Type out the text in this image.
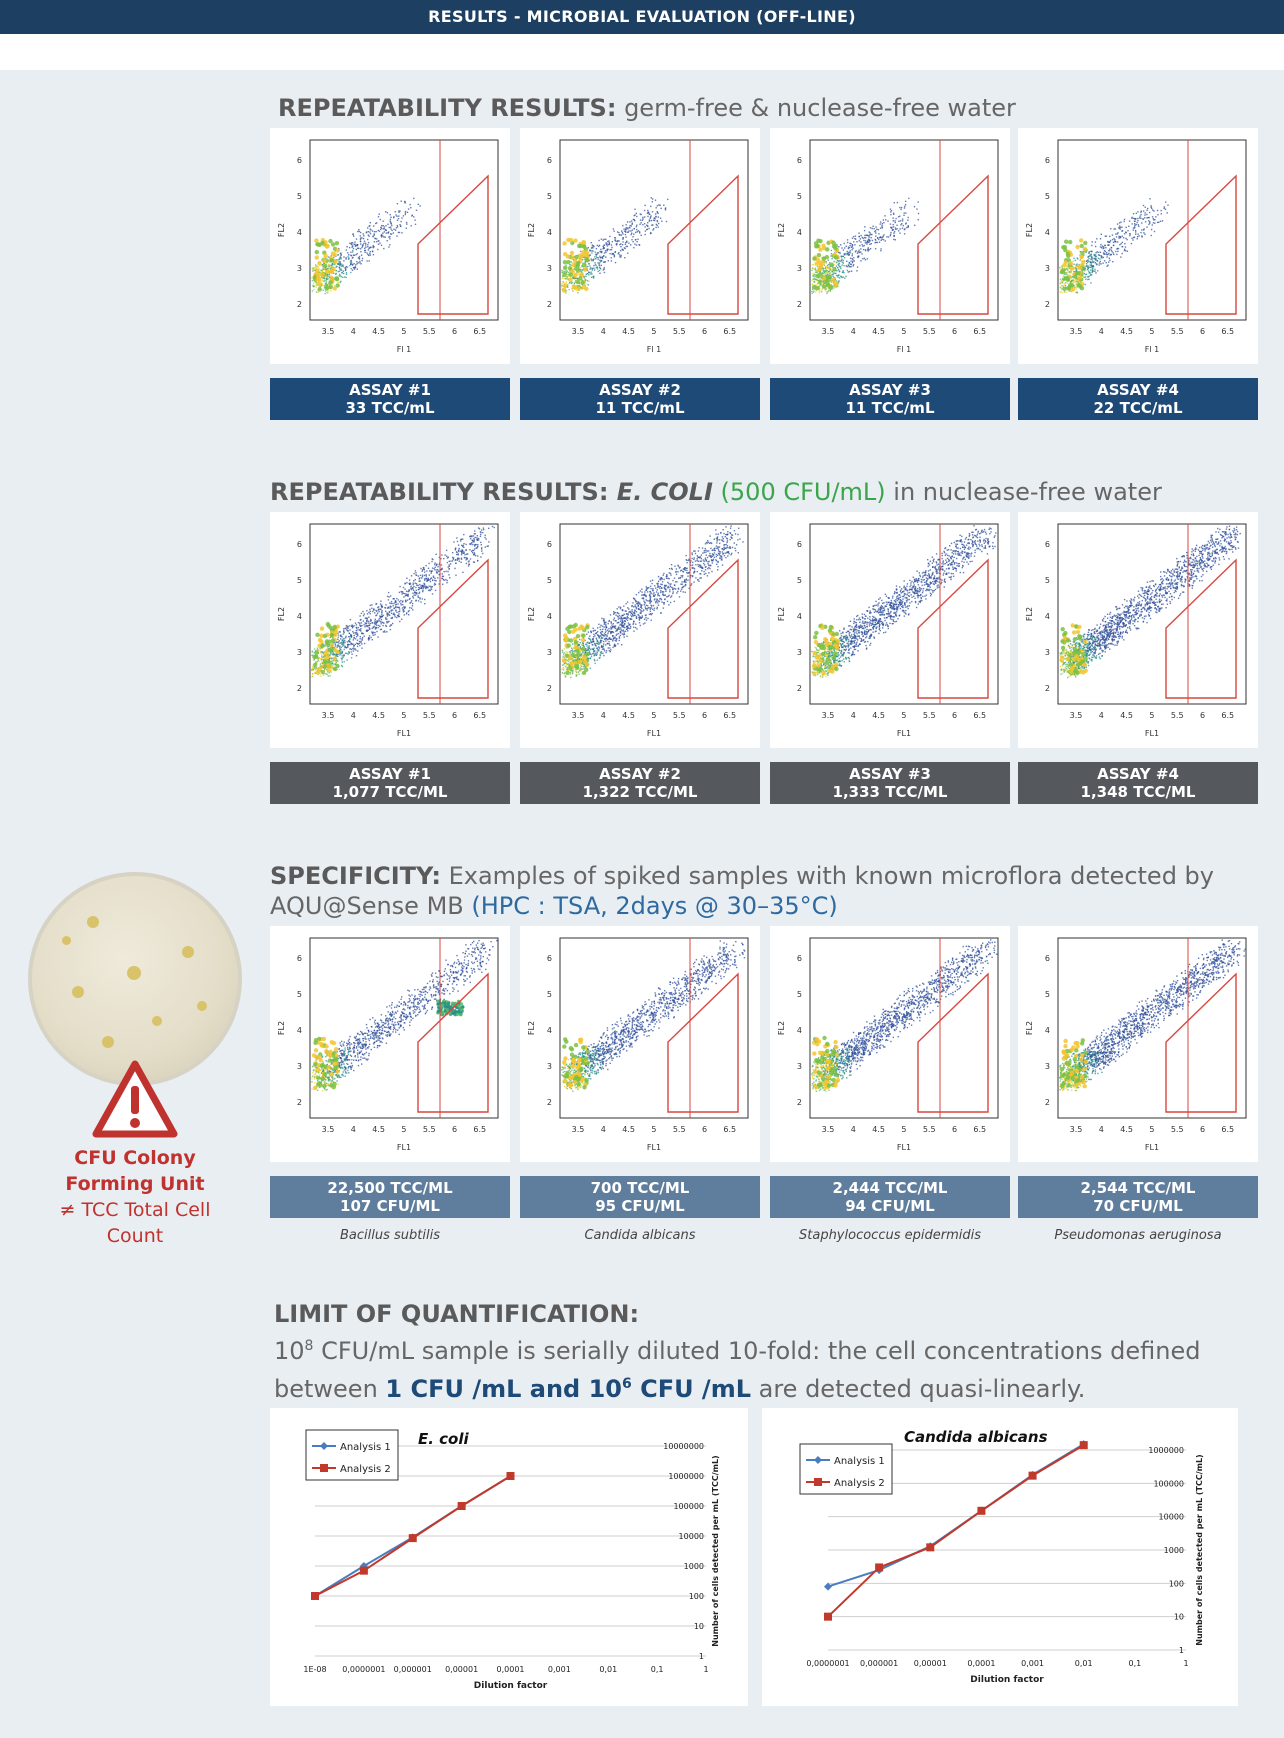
RESULTS - MICROBIAL EVALUATION (OFF-LINE)
REPEATABILITY RESULTS: germ-free & nuclease-free water
REPEATABILITY RESULTS: E. COLI (500 CFU/mL) in nuclease-free water
SPECIFICITY: Examples of spiked samples with known microflora detected by
AQU@Sense MB (HPC : TSA, 2days @ 30–35°C)
3.5 4 4.5 5 5.5 6 6.5
2
3
4
5
6
Fl 1
FL2
ASSAY #1
33 TCC/mL
3.5 4 4.5 5 5.5 6 6.5
2
3
4
5
6
Fl 1
FL2
ASSAY #2
11 TCC/mL
3.5 4 4.5 5 5.5 6 6.5
2
3
4
5
6
Fl 1
FL2
ASSAY #3
11 TCC/mL
3.5 4 4.5 5 5.5 6 6.5
2
3
4
5
6
Fl 1
FL2
ASSAY #4
22 TCC/mL
3.5 4 4.5 5 5.5 6 6.5
2
3
4
5
6
FL1
FL2
ASSAY #1
1,077 TCC/ML
3.5 4 4.5 5 5.5 6 6.5
2
3
4
5
6
FL1
FL2
ASSAY #2
1,322 TCC/ML
3.5 4 4.5 5 5.5 6 6.5
2
3
4
5
6
FL1
FL2
ASSAY #3
1,333 TCC/ML
3.5 4 4.5 5 5.5 6 6.5
2
3
4
5
6
FL1
FL2
ASSAY #4
1,348 TCC/ML
3.5 4 4.5 5 5.5 6 6.5
2
3
4
5
6
FL1
FL2
22,500 TCC/ML
107 CFU/ML
Bacillus subtilis
3.5 4 4.5 5 5.5 6 6.5
2
3
4
5
6
FL1
FL2
700 TCC/ML
95 CFU/ML
Candida albicans
3.5 4 4.5 5 5.5 6 6.5
2
3
4
5
6
FL1
FL2
2,444 TCC/ML
94 CFU/ML
Staphylococcus epidermidis
3.5 4 4.5 5 5.5 6 6.5
2
3
4
5
6
FL1
FL2
2,544 TCC/ML
70 CFU/ML
Pseudomonas aeruginosa
CFU Colony
Forming Unit
≠ TCC Total Cell
Count
LIMIT OF QUANTIFICATION:
$10^8$ CFU/mL sample is serially diluted 10-fold: the cell concentrations defined
between 1 CFU /mL and $10^6$ CFU /mL are detected quasi-linearly.
1
10
100
1000
10000
100000
1000000
10000000
1E-08 0,0000001 0,000001 0,00001 0,0001	0,001	0,01	0,1	1
Dilution factor
Number of cells detected per mL (TCC/mL)
E. coli
Analysis 1
Analysis 2
1
10
100
1000
10000
100000
1000000
0,0000001 0,000001 0,00001	0,0001	0,001	0,01	0,1	1
Dilution factor
Number of cells detected per mL (TCC/mL)
Candida albicans
Analysis 1
Analysis 2
